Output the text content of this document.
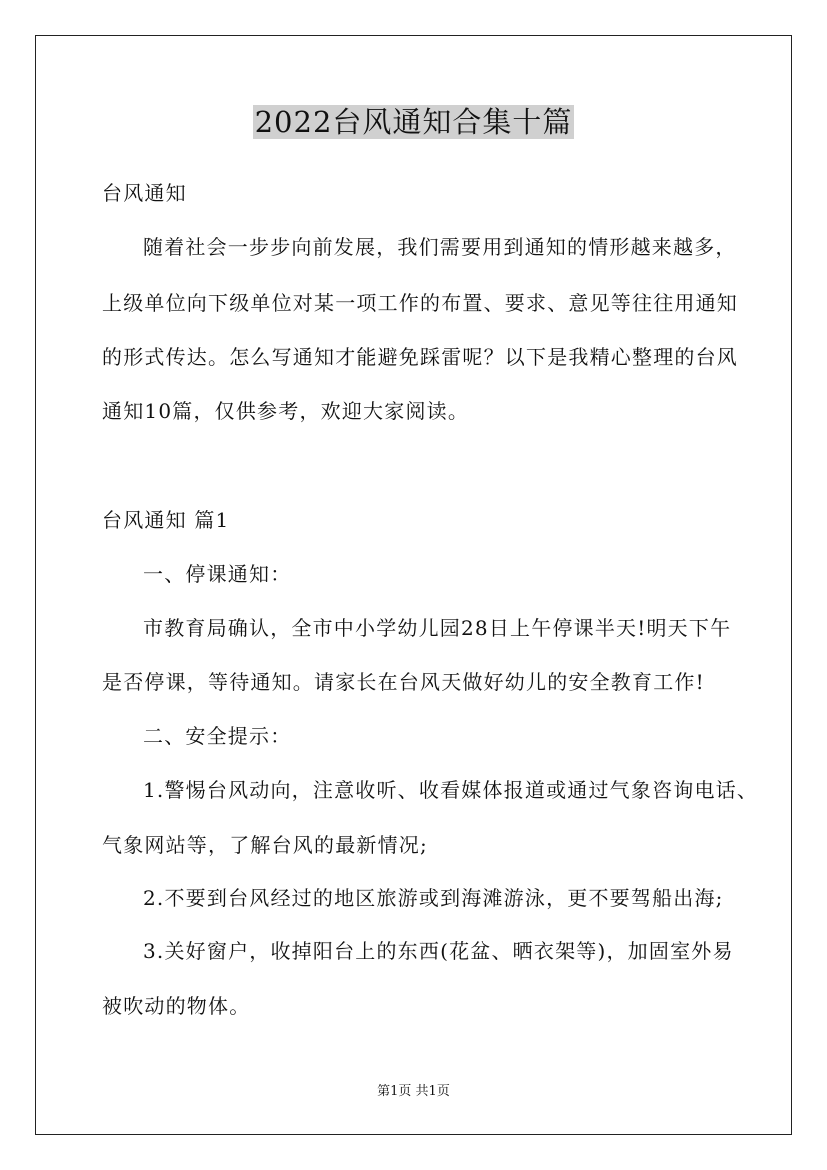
2022台风通知合集十篇
台风通知
随着社会一步步向前发展，我们需要用到通知的情形越来越多，
上级单位向下级单位对某一项工作的布置、要求、意见等往往用通知
的形式传达。怎么写通知才能避免踩雷呢？以下是我精心整理的台风
通知10篇，仅供参考，欢迎大家阅读。
台风通知 篇1
一、停课通知：
市教育局确认，全市中小学幼儿园28日上午停课半天!明天下午
是否停课，等待通知。请家长在台风天做好幼儿的安全教育工作!
二、安全提示：
1.警惕台风动向，注意收听、收看媒体报道或通过气象咨询电话、
气象网站等，了解台风的最新情况;
2.不要到台风经过的地区旅游或到海滩游泳，更不要驾船出海;
3.关好窗户，收掉阳台上的东西(花盆、晒衣架等)，加固室外易
被吹动的物体。
第1页 共1页
